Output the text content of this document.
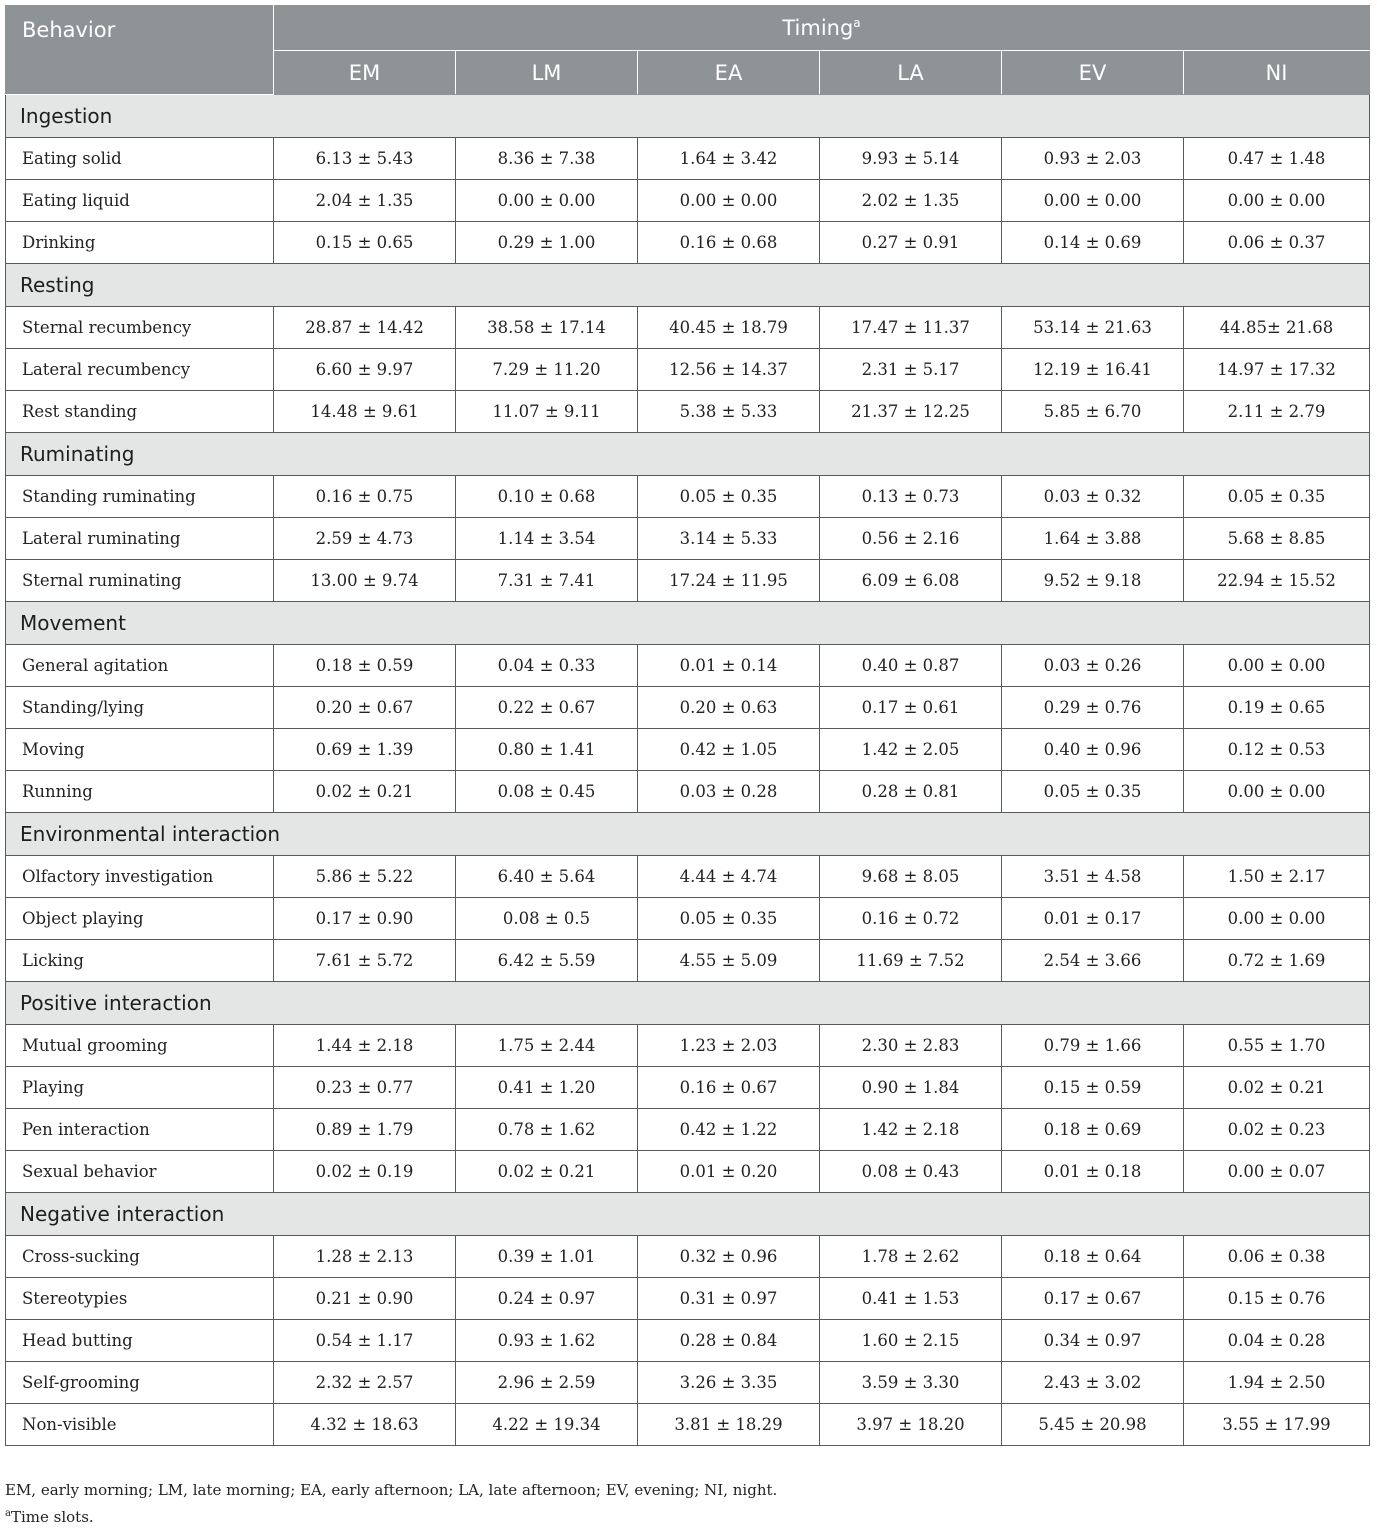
Behavior	Timing$^a$
	EM	LM	EA	LA	EV	NI
Ingestion						
Eating solid	6.13 ± 5.43	8.36 ± 7.38	1.64 ± 3.42	9.93 ± 5.14	0.93 ± 2.03	0.47 ± 1.48
Eating liquid	2.04 ± 1.35	0.00 ± 0.00	0.00 ± 0.00	2.02 ± 1.35	0.00 ± 0.00	0.00 ± 0.00
Drinking	0.15 ± 0.65	0.29 ± 1.00	0.16 ± 0.68	0.27 ± 0.91	0.14 ± 0.69	0.06 ± 0.37
Resting						
Sternal recumbency	28.87 ± 14.42	38.58 ± 17.14	40.45 ± 18.79	17.47 ± 11.37	53.14 ± 21.63	44.85± 21.68
Lateral recumbency	6.60 ± 9.97	7.29 ± 11.20	12.56 ± 14.37	2.31 ± 5.17	12.19 ± 16.41	14.97 ± 17.32
Rest standing	14.48 ± 9.61	11.07 ± 9.11	5.38 ± 5.33	21.37 ± 12.25	5.85 ± 6.70	2.11 ± 2.79
Ruminating						
Standing ruminating	0.16 ± 0.75	0.10 ± 0.68	0.05 ± 0.35	0.13 ± 0.73	0.03 ± 0.32	0.05 ± 0.35
Lateral ruminating	2.59 ± 4.73	1.14 ± 3.54	3.14 ± 5.33	0.56 ± 2.16	1.64 ± 3.88	5.68 ± 8.85
Sternal ruminating	13.00 ± 9.74	7.31 ± 7.41	17.24 ± 11.95	6.09 ± 6.08	9.52 ± 9.18	22.94 ± 15.52
Movement						
General agitation	0.18 ± 0.59	0.04 ± 0.33	0.01 ± 0.14	0.40 ± 0.87	0.03 ± 0.26	0.00 ± 0.00
Standing/lying	0.20 ± 0.67	0.22 ± 0.67	0.20 ± 0.63	0.17 ± 0.61	0.29 ± 0.76	0.19 ± 0.65
Moving	0.69 ± 1.39	0.80 ± 1.41	0.42 ± 1.05	1.42 ± 2.05	0.40 ± 0.96	0.12 ± 0.53
Running	0.02 ± 0.21	0.08 ± 0.45	0.03 ± 0.28	0.28 ± 0.81	0.05 ± 0.35	0.00 ± 0.00
Environmental interaction						
Olfactory investigation	5.86 ± 5.22	6.40 ± 5.64	4.44 ± 4.74	9.68 ± 8.05	3.51 ± 4.58	1.50 ± 2.17
Object playing	0.17 ± 0.90	0.08 ± 0.5	0.05 ± 0.35	0.16 ± 0.72	0.01 ± 0.17	0.00 ± 0.00
Licking	7.61 ± 5.72	6.42 ± 5.59	4.55 ± 5.09	11.69 ± 7.52	2.54 ± 3.66	0.72 ± 1.69
Positive interaction						
Mutual grooming	1.44 ± 2.18	1.75 ± 2.44	1.23 ± 2.03	2.30 ± 2.83	0.79 ± 1.66	0.55 ± 1.70
Playing	0.23 ± 0.77	0.41 ± 1.20	0.16 ± 0.67	0.90 ± 1.84	0.15 ± 0.59	0.02 ± 0.21
Pen interaction	0.89 ± 1.79	0.78 ± 1.62	0.42 ± 1.22	1.42 ± 2.18	0.18 ± 0.69	0.02 ± 0.23
Sexual behavior	0.02 ± 0.19	0.02 ± 0.21	0.01 ± 0.20	0.08 ± 0.43	0.01 ± 0.18	0.00 ± 0.07
Negative interaction						
Cross-sucking	1.28 ± 2.13	0.39 ± 1.01	0.32 ± 0.96	1.78 ± 2.62	0.18 ± 0.64	0.06 ± 0.38
Stereotypies	0.21 ± 0.90	0.24 ± 0.97	0.31 ± 0.97	0.41 ± 1.53	0.17 ± 0.67	0.15 ± 0.76
Head butting	0.54 ± 1.17	0.93 ± 1.62	0.28 ± 0.84	1.60 ± 2.15	0.34 ± 0.97	0.04 ± 0.28
Self-grooming	2.32 ± 2.57	2.96 ± 2.59	3.26 ± 3.35	3.59 ± 3.30	2.43 ± 3.02	1.94 ± 2.50
Non-visible	4.32 ± 18.63	4.22 ± 19.34	3.81 ± 18.29	3.97 ± 18.20	5.45 ± 20.98	3.55 ± 17.99
EM, early morning; LM, late morning; EA, early afternoon; LA, late afternoon; EV, evening; NI, night.
$^a$Time slots.
